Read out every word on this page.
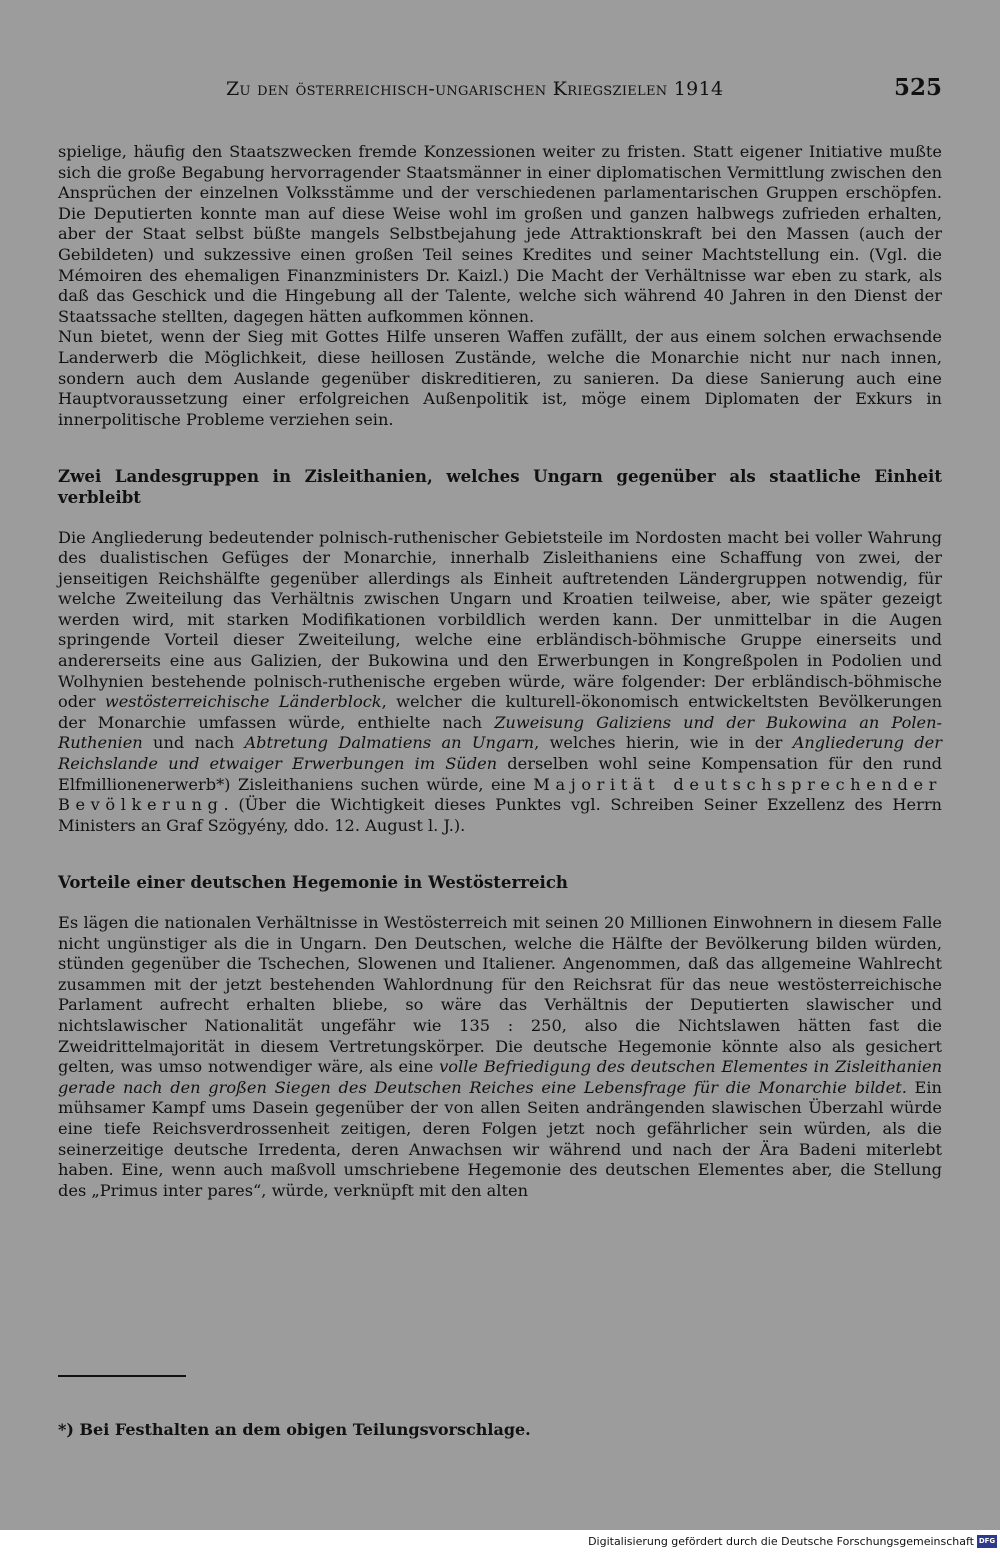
Zu den österreichisch-ungarischen Kriegszielen 1914	525

spielige, häufig den Staatszwecken fremde Konzessionen weiter zu fristen. Statt eigener Initiative mußte sich die große Begabung hervorragender Staatsmänner in einer diplomatischen Vermittlung zwischen den Ansprüchen der einzelnen Volksstämme und der verschiedenen parlamentarischen Gruppen erschöpfen. Die Deputierten konnte man auf diese Weise wohl im großen und ganzen halbwegs zufrieden erhalten, aber der Staat selbst büßte mangels Selbstbejahung jede Attraktionskraft bei den Massen (auch der Gebildeten) und sukzessive einen großen Teil seines Kredites und seiner Machtstellung ein. (Vgl. die Mémoiren des ehemaligen Finanzministers Dr. Kaizl.) Die Macht der Verhältnisse war eben zu stark, als daß das Geschick und die Hingebung all der Talente, welche sich während 40 Jahren in den Dienst der Staatssache stellten, dagegen hätten aufkommen können.

Nun bietet, wenn der Sieg mit Gottes Hilfe unseren Waffen zufällt, der aus einem solchen erwachsende Landerwerb die Möglichkeit, diese heillosen Zustände, welche die Monarchie nicht nur nach innen, sondern auch dem Auslande gegenüber diskreditieren, zu sanieren. Da diese Sanierung auch eine Hauptvoraussetzung einer erfolgreichen Außenpolitik ist, möge einem Diplomaten der Exkurs in innerpolitische Probleme verziehen sein.

Zwei Landesgruppen in Zisleithanien, welches Ungarn gegenüber als staatliche Einheit verbleibt

Die Angliederung bedeutender polnisch-ruthenischer Gebietsteile im Nordosten macht bei voller Wahrung des dualistischen Gefüges der Monarchie, innerhalb Zisleithaniens eine Schaffung von zwei, der jenseitigen Reichshälfte gegenüber allerdings als Einheit auftretenden Ländergruppen notwendig, für welche Zweiteilung das Verhältnis zwischen Ungarn und Kroatien teilweise, aber, wie später gezeigt werden wird, mit starken Modifikationen vorbildlich werden kann. Der unmittelbar in die Augen springende Vorteil dieser Zweiteilung, welche eine erbländisch-böhmische Gruppe einerseits und andererseits eine aus Galizien, der Bukowina und den Erwerbungen in Kongreßpolen in Podolien und Wolhynien bestehende polnisch-ruthenische ergeben würde, wäre folgender: Der erbländisch-böhmische oder westösterreichische Länderblock, welcher die kulturell-ökonomisch entwickeltsten Bevölkerungen der Monarchie umfassen würde, enthielte nach Zuweisung Galiziens und der Bukowina an Polen-Ruthenien und nach Abtretung Dalmatiens an Ungarn, welches hierin, wie in der Angliederung der Reichslande und etwaiger Erwerbungen im Süden derselben wohl seine Kompensation für den rund Elfmillionenerwerb*) Zisleithaniens suchen würde, eine Majorität deutschsprechender Bevölkerung. (Über die Wichtigkeit dieses Punktes vgl. Schreiben Seiner Exzellenz des Herrn Ministers an Graf Szögyény, ddo. 12. August l. J.).

Vorteile einer deutschen Hegemonie in Westösterreich

Es lägen die nationalen Verhältnisse in Westösterreich mit seinen 20 Millionen Einwohnern in diesem Falle nicht ungünstiger als die in Ungarn. Den Deutschen, welche die Hälfte der Bevölkerung bilden würden, stünden gegenüber die Tschechen, Slowenen und Italiener. Angenommen, daß das allgemeine Wahlrecht zusammen mit der jetzt bestehenden Wahlordnung für den Reichsrat für das neue westösterreichische Parlament aufrecht erhalten bliebe, so wäre das Verhältnis der Deputierten slawischer und nichtslawischer Nationalität ungefähr wie 135 : 250, also die Nichtslawen hätten fast die Zweidrittelmajorität in diesem Vertretungskörper. Die deutsche Hegemonie könnte also als gesichert gelten, was umso notwendiger wäre, als eine volle Befriedigung des deutschen Elementes in Zisleithanien gerade nach den großen Siegen des Deutschen Reiches eine Lebensfrage für die Monarchie bildet. Ein mühsamer Kampf ums Dasein gegenüber der von allen Seiten andrängenden slawischen Überzahl würde eine tiefe Reichsverdrossenheit zeitigen, deren Folgen jetzt noch gefährlicher sein würden, als die seinerzeitige deutsche Irredenta, deren Anwachsen wir während und nach der Ära Badeni miterlebt haben. Eine, wenn auch maßvoll umschriebene Hegemonie des deutschen Elementes aber, die Stellung des „Primus inter pares“, würde, verknüpft mit den alten

*) Bei Festhalten an dem obigen Teilungsvorschlage.
Digitalisierung gefördert durch die Deutsche Forschungsgemeinschaft DFG
